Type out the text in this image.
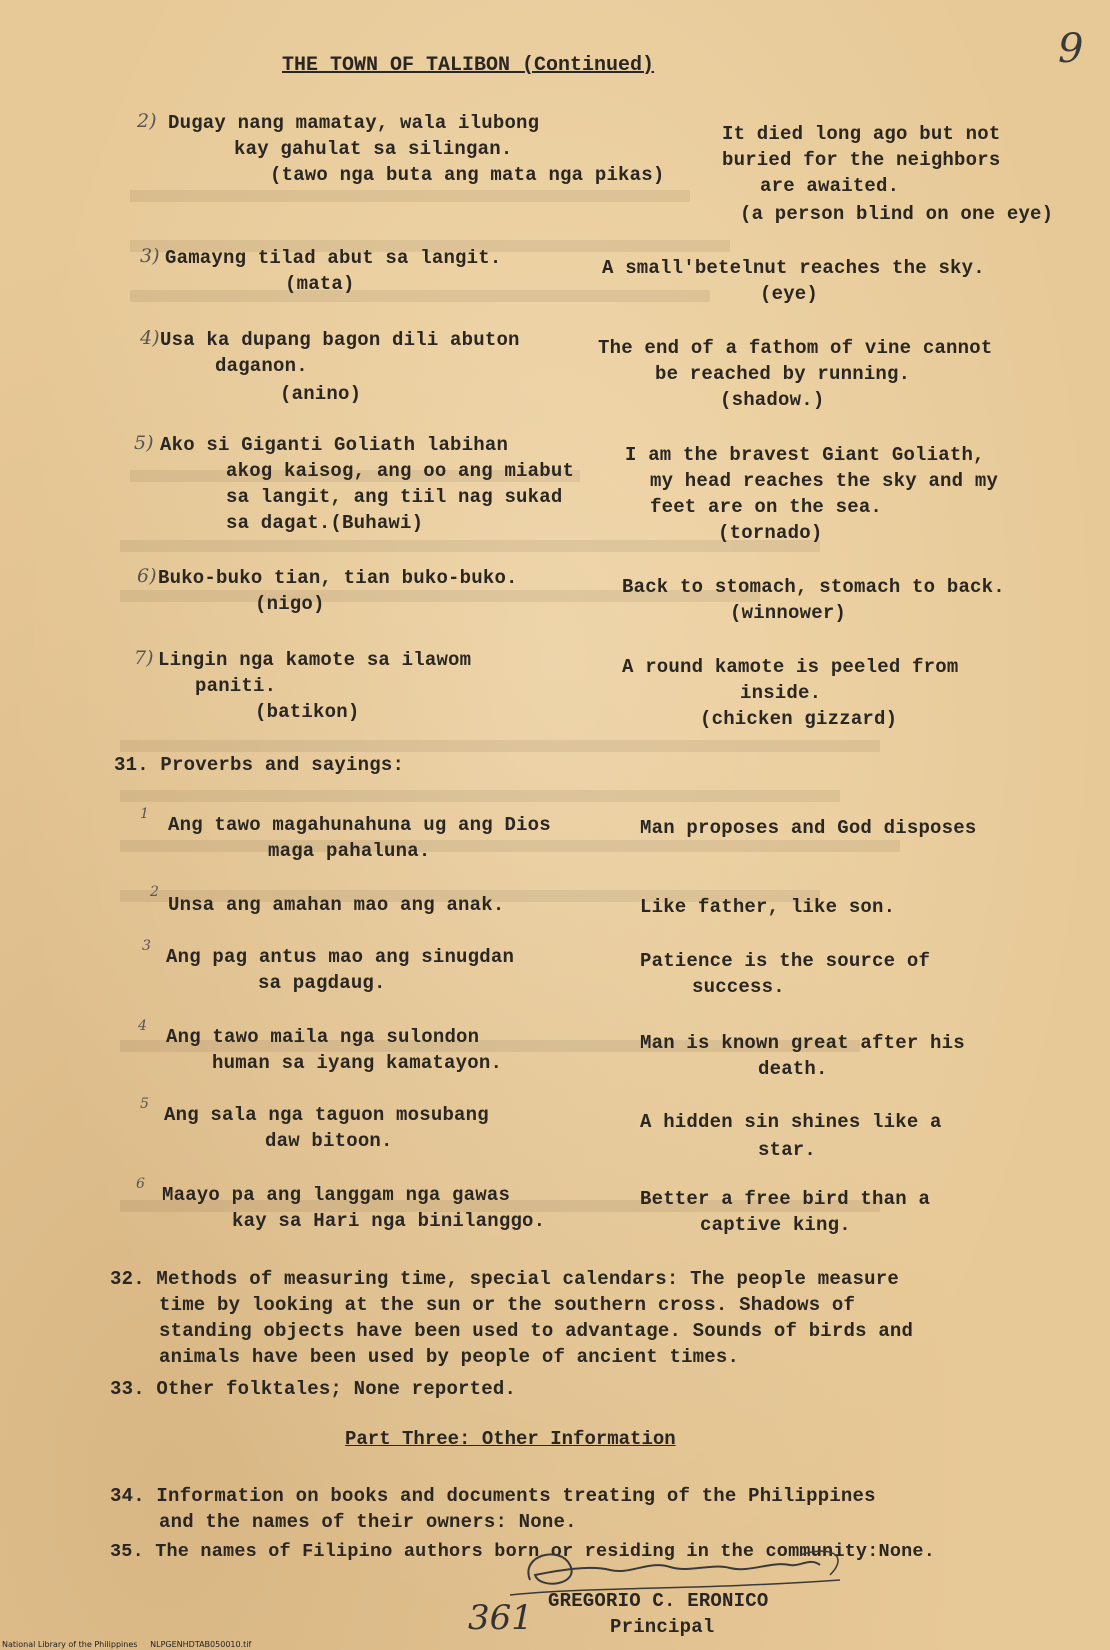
THE TOWN OF TALIBON (Continued)	9
2) Dugay nang mamatay, wala ilubong
kay gahulat sa silingan.
(tawo nga buta ang mata nga pikas)
It died long ago but not
buried for the neighbors
are awaited.
(a person blind on one eye)
3) Gamayng tilad abut sa langit.
(mata)
A small'betelnut reaches the sky.
(eye)
4) Usa ka dupang bagon dili abuton
daganon.
(anino)
The end of a fathom of vine cannot
be reached by running.
(shadow.)
5) Ako si Giganti Goliath labihan
akog kaisog, ang oo ang miabut
sa langit, ang tiil nag sukad
sa dagat.(Buhawi)
I am the bravest Giant Goliath,
my head reaches the sky and my
feet are on the sea.
(tornado)
6) Buko-buko tian, tian buko-buko.
(nigo)
Back to stomach, stomach to back.
(winnower)
7) Lingin nga kamote sa ilawom
paniti.
(batikon)
A round kamote is peeled from
inside.
(chicken gizzard)
31. Proverbs and sayings:
1 Ang tawo magahunahuna ug ang Dios
maga pahaluna.
Man proposes and God disposes
2
Unsa ang amahan mao ang anak.	Like father, like son.
3 Ang pag antus mao ang sinugdan
sa pagdaug.
Patience is the source of
success.
4 Ang tawo maila nga sulondon
human sa iyang kamatayon.
Man is known great after his
death.
5 Ang sala nga taguon mosubang
daw bitoon.
A hidden sin shines like a
star.
6 Maayo pa ang langgam nga gawas
kay sa Hari nga binilanggo.
Better a free bird than a
captive king.
32. Methods of measuring time, special calendars: The people measure
time by looking at the sun or the southern cross. Shadows of
standing objects have been used to advantage. Sounds of birds and
animals have been used by people of ancient times.
33. Other folktales; None reported.
Part Three: Other Information
34. Information on books and documents treating of the Philippines
and the names of their owners: None.
35. The names of Filipino authors born or residing in the community:None.
GREGORIO C. ERONICO
Principal
361
National Library of the Philippines     NLPGENHDTAB050010.tif
